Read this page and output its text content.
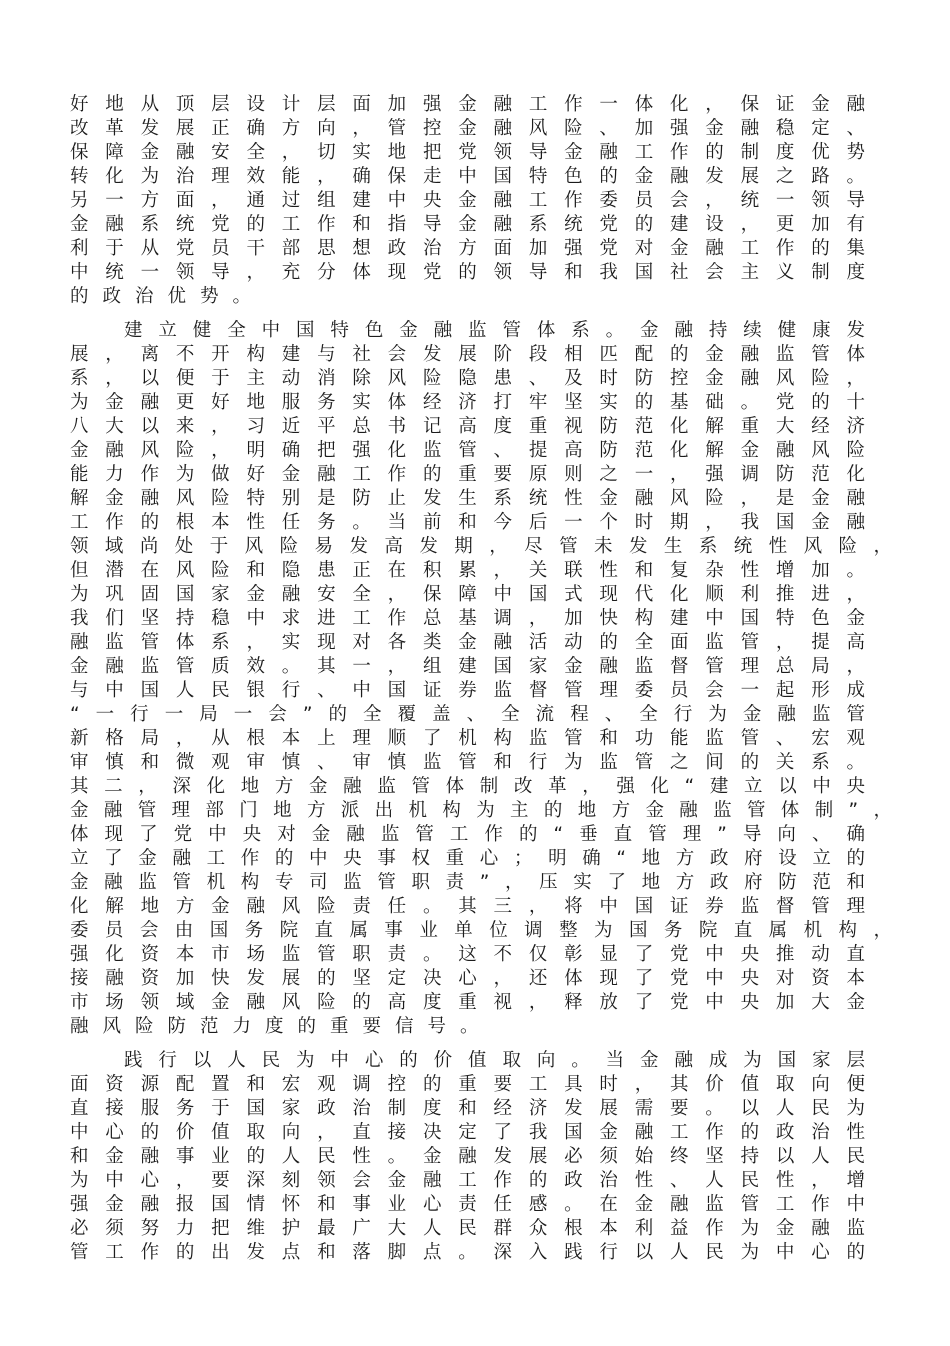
好地从顶层设计层面加强金融工作一体化，保证金融
改革发展正确方向，管控金融风险、加强金融稳定、
保障金融安全，切实地把党领导金融工作的制度优势
转化为治理效能，确保走中国特色的金融发展之路。
另一方面，通过组建中央金融工作委员会，统一领导
金融系统党的工作和指导金融系统党的建设，更加有
利于从党员干部思想政治方面加强党对金融工作的集
中统一领导，充分体现党的领导和我国社会主义制度
的政治优势。
建立健全中国特色金融监管体系。金融持续健康发
展，离不开构建与社会发展阶段相匹配的金融监管体
系，以便于主动消除风险隐患、及时防控金融风险，
为金融更好地服务实体经济打牢坚实的基础。党的十
八大以来，习近平总书记高度重视防范化解重大经济
金融风险，明确把强化监管、提高防范化解金融风险
能力作为做好金融工作的重要原则之一，强调防范化
解金融风险特别是防止发生系统性金融风险，是金融
工作的根本性任务。当前和今后一个时期，我国金融
领域尚处于风险易发高发期，尽管未发生系统性风险，
但潜在风险和隐患正在积累，关联性和复杂性增加。
为巩固国家金融安全，保障中国式现代化顺利推进，
我们坚持稳中求进工作总基调，加快构建中国特色金
融监管体系，实现对各类金融活动的全面监管，提高
金融监管质效。其一，组建国家金融监督管理总局，
与中国人民银行、中国证券监督管理委员会一起形成
“一行一局一会”的全覆盖、全流程、全行为金融监管
新格局，从根本上理顺了机构监管和功能监管、宏观
审慎和微观审慎、审慎监管和行为监管之间的关系。
其二，深化地方金融监管体制改革，强化“建立以中央
金融管理部门地方派出机构为主的地方金融监管体制”，
体现了党中央对金融监管工作的“垂直管理”导向、确
立了金融工作的中央事权重心；明确“地方政府设立的
金融监管机构专司监管职责”，压实了地方政府防范和
化解地方金融风险责任。其三，将中国证券监督管理
委员会由国务院直属事业单位调整为国务院直属机构，
强化资本市场监管职责。这不仅彰显了党中央推动直
接融资加快发展的坚定决心，还体现了党中央对资本
市场领域金融风险的高度重视，释放了党中央加大金
融风险防范力度的重要信号。
践行以人民为中心的价值取向。当金融成为国家层
面资源配置和宏观调控的重要工具时，其价值取向便
直接服务于国家政治制度和经济发展需要。以人民为
中心的价值取向，直接决定了我国金融工作的政治性
和金融事业的人民性。金融发展必须始终坚持以人民
为中心，要深刻领会金融工作的政治性、人民性，增
强金融报国情怀和事业心责任感。在金融监管工作中
必须努力把维护最广大人民群众根本利益作为金融监
管工作的出发点和落脚点。深入践行以人民为中心的
